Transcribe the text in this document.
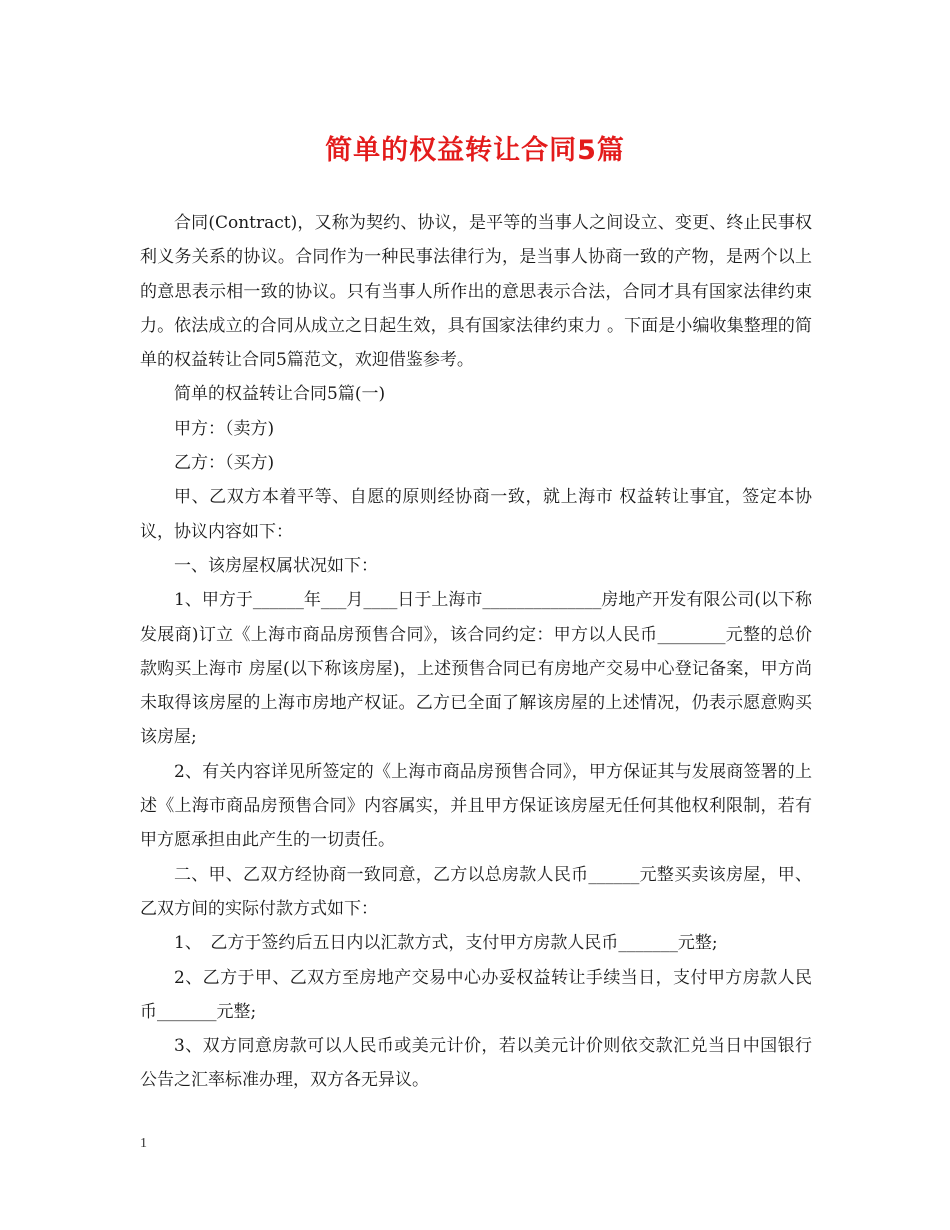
简单的权益转让合同5篇

合同(Contract)，又称为契约、协议，是平等的当事人之间设立、变更、终止民事权利义务关系的协议。合同作为一种民事法律行为，是当事人协商一致的产物，是两个以上的意思表示相一致的协议。只有当事人所作出的意思表示合法，合同才具有国家法律约束力。依法成立的合同从成立之日起生效，具有国家法律约束力 。下面是小编收集整理的简单的权益转让合同5篇范文，欢迎借鉴参考。

简单的权益转让合同5篇(一)

甲方：（卖方)

乙方：（买方)

甲、乙双方本着平等、自愿的原则经协商一致，就上海市 权益转让事宜，签定本协议，协议内容如下：

一、该房屋权属状况如下：

1、甲方于______年___月____日于上海市______________房地产开发有限公司(以下称发展商)订立《上海市商品房预售合同》，该合同约定：甲方以人民币________元整的总价款购买上海市 房屋(以下称该房屋)，上述预售合同已有房地产交易中心登记备案，甲方尚未取得该房屋的上海市房地产权证。乙方已全面了解该房屋的上述情况，仍表示愿意购买该房屋;

2、有关内容详见所签定的《上海市商品房预售合同》，甲方保证其与发展商签署的上述《上海市商品房预售合同》内容属实，并且甲方保证该房屋无任何其他权利限制，若有甲方愿承担由此产生的一切责任。

二、甲、乙双方经协商一致同意，乙方以总房款人民币______元整买卖该房屋，甲、乙双方间的实际付款方式如下：

1、　乙方于签约后五日内以汇款方式，支付甲方房款人民币_______元整;

2、乙方于甲、乙双方至房地产交易中心办妥权益转让手续当日，支付甲方房款人民币_______元整;

3、双方同意房款可以人民币或美元计价，若以美元计价则依交款汇兑当日中国银行公告之汇率标准办理，双方各无异议。

1
